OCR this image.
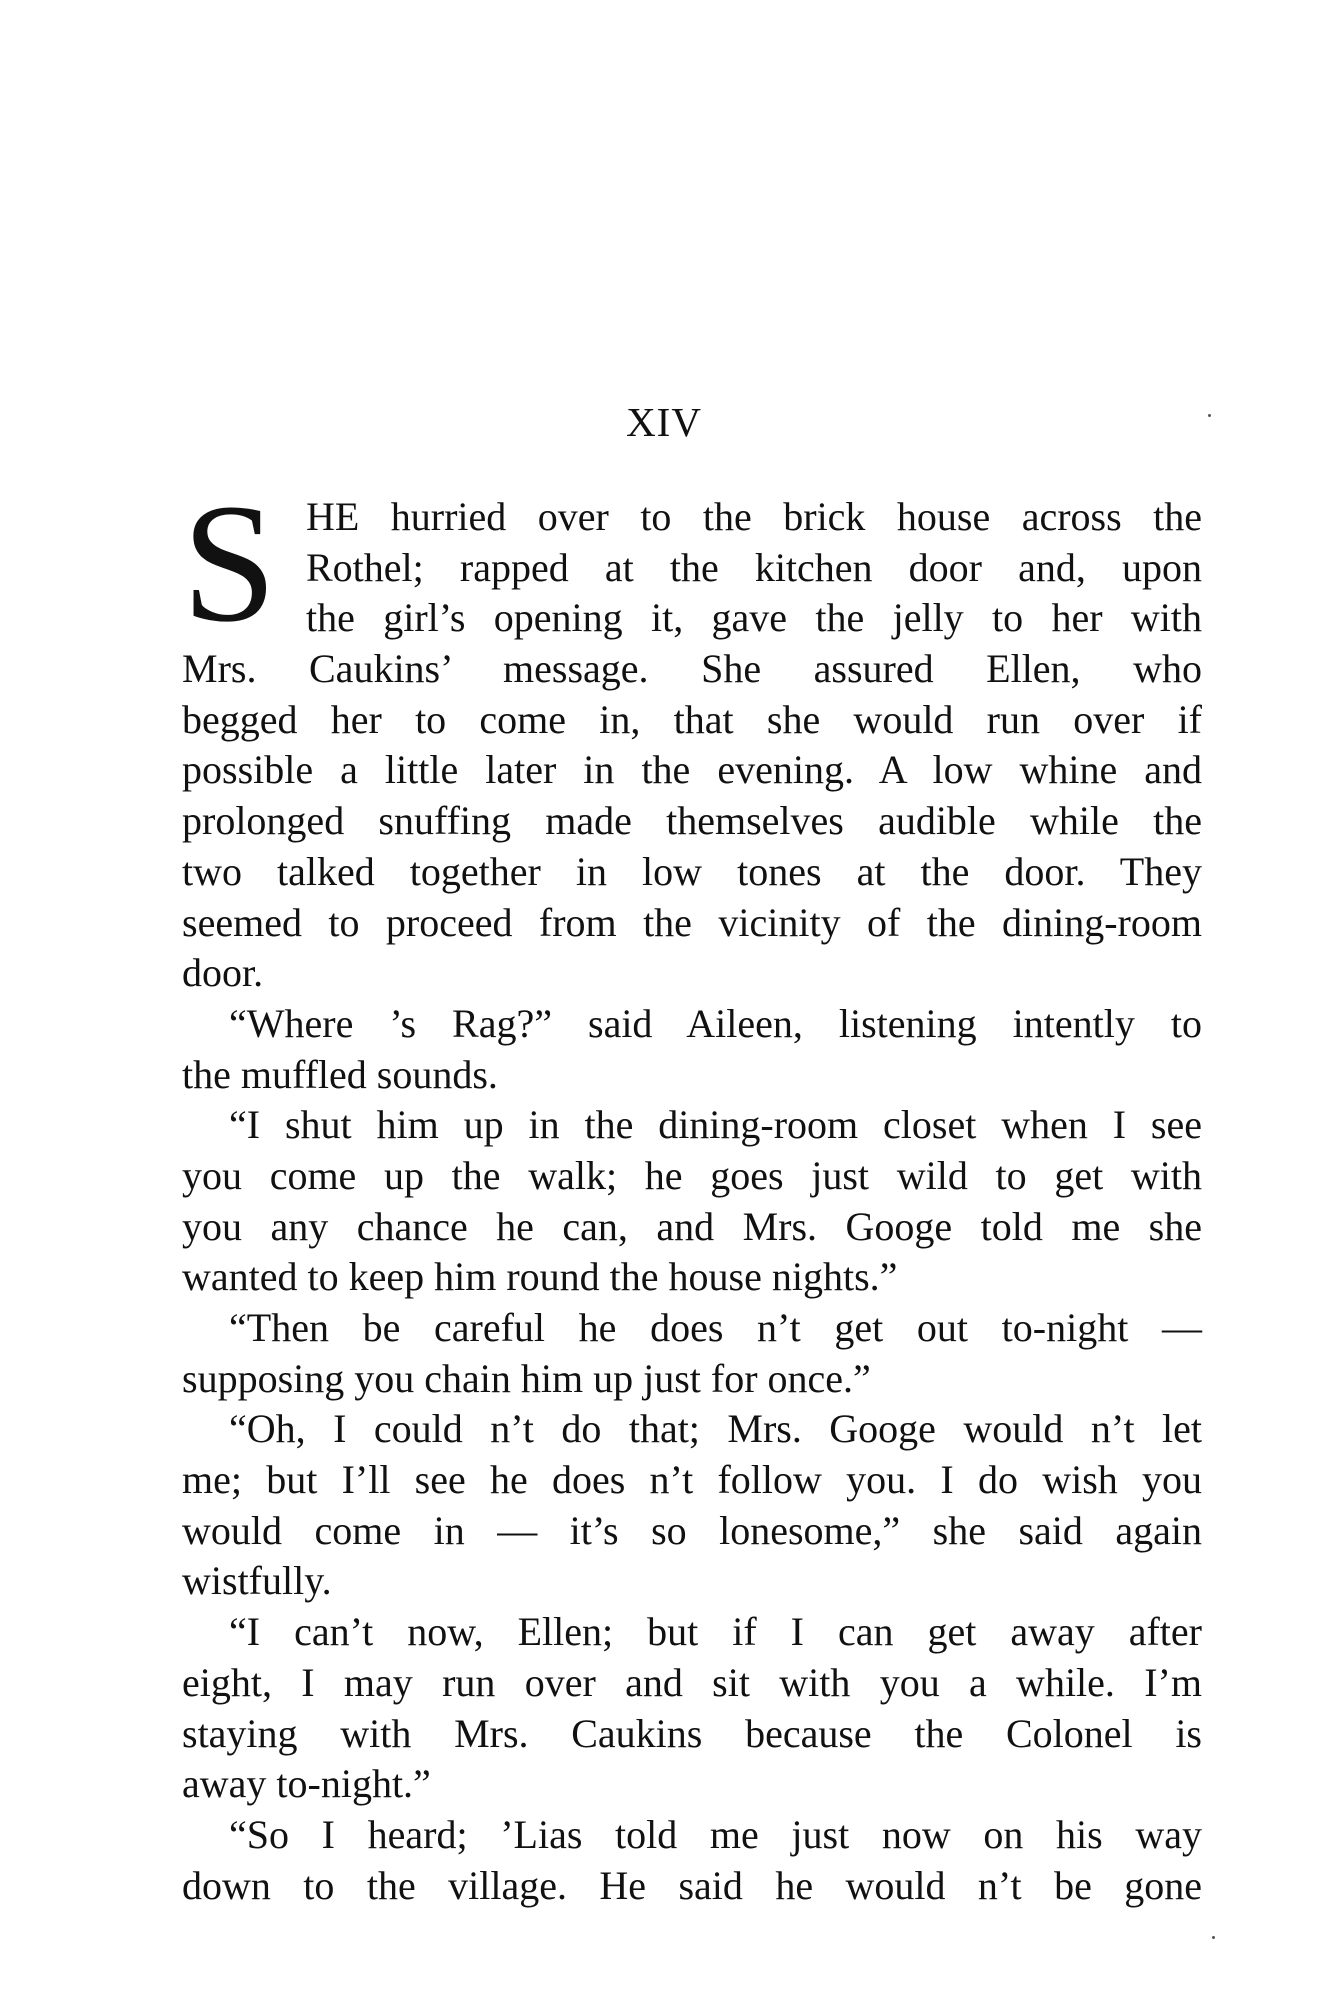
XIV
S HE hurried over to the brick house across the
Rothel; rapped at the kitchen door and, upon
the girl’s opening it, gave the jelly to her with
Mrs. Caukins’ message. She assured Ellen, who
begged her to come in, that she would run over if
possible a little later in the evening. A low whine and
prolonged snuffing made themselves audible while the
two talked together in low tones at the door. They
seemed to proceed from the vicinity of the dining-room
door.
“Where ’s Rag?” said Aileen, listening intently to
the muffled sounds.
“I shut him up in the dining-room closet when I see
you come up the walk; he goes just wild to get with
you any chance he can, and Mrs. Googe told me she
wanted to keep him round the house nights.”
“Then be careful he does n’t get out to-night —
supposing you chain him up just for once.”
“Oh, I could n’t do that; Mrs. Googe would n’t let
me; but I’ll see he does n’t follow you. I do wish you
would come in — it’s so lonesome,” she said again
wistfully.
“I can’t now, Ellen; but if I can get away after
eight, I may run over and sit with you a while. I’m
staying with Mrs. Caukins because the Colonel is
away to-night.”
“So I heard; ’Lias told me just now on his way
down to the village. He said he would n’t be gone
